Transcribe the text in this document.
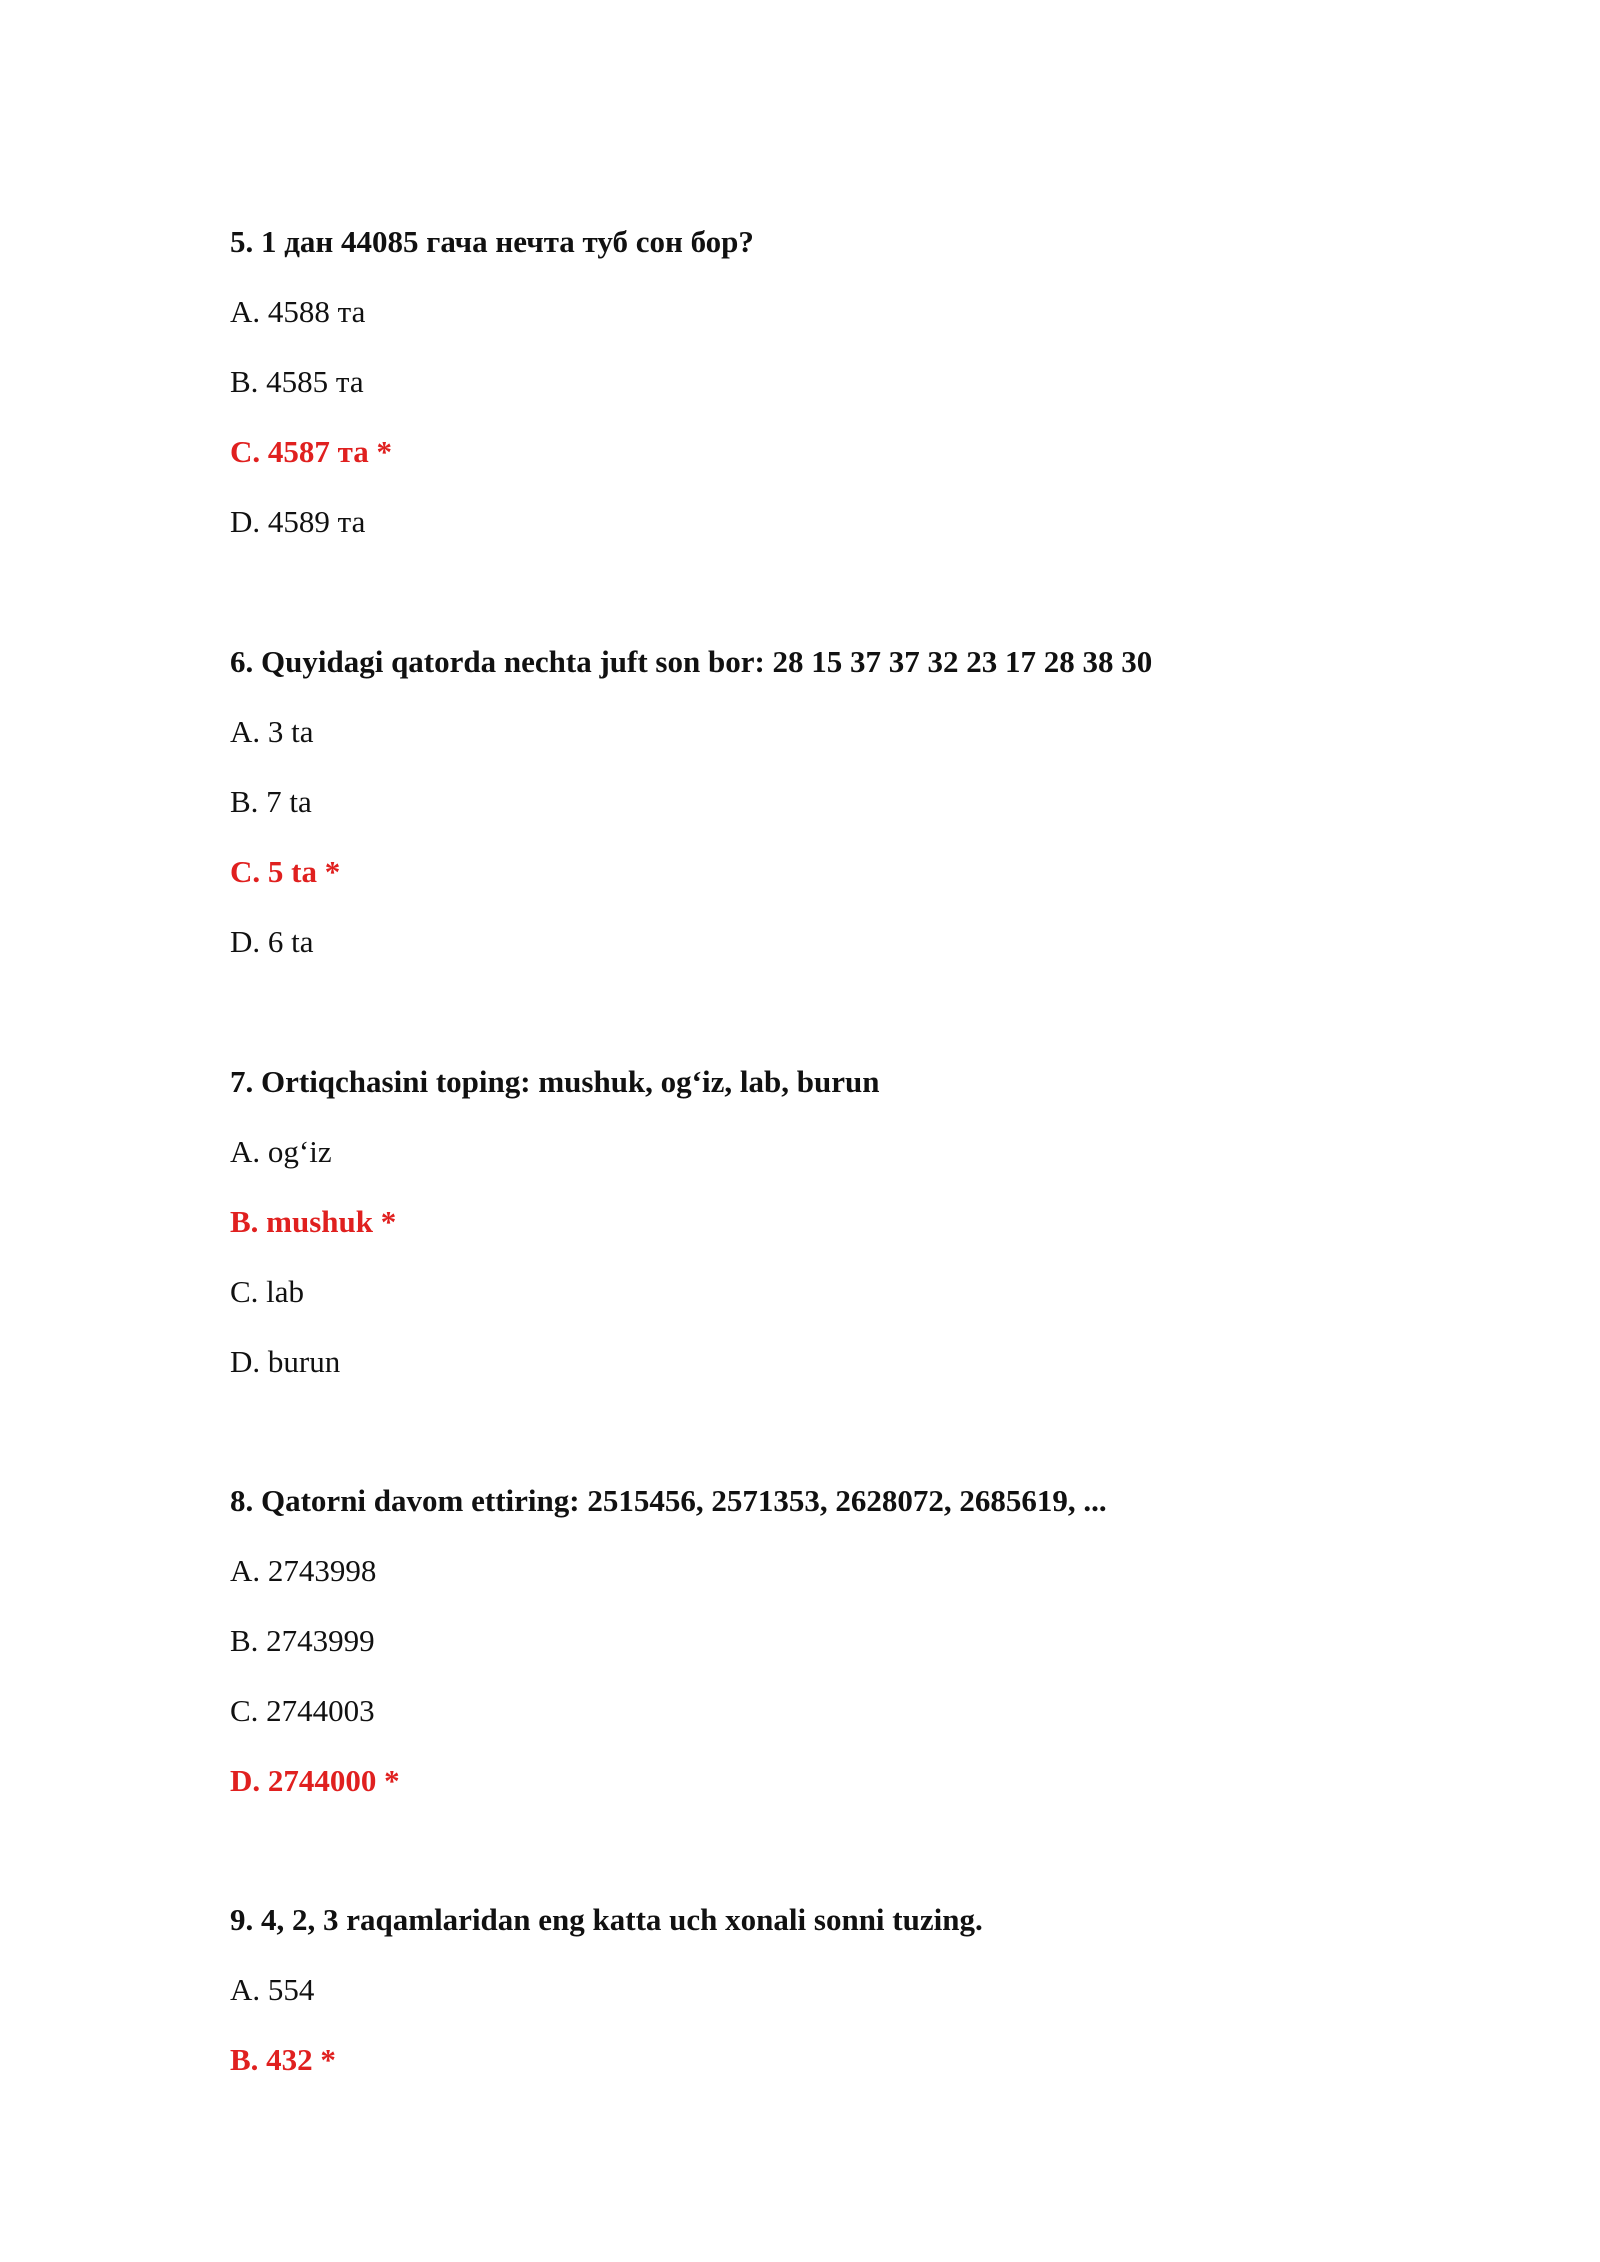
5. 1 дан 44085 гача нечта туб сон бор?
A. 4588 та
B. 4585 та
C. 4587 та *
D. 4589 та
6. Quyidagi qatorda nechta juft son bor: 28 15 37 37 32 23 17 28 38 30
A. 3 ta
B. 7 ta
C. 5 ta *
D. 6 ta
7. Ortiqchasini toping: mushuk, og‘iz, lab, burun
A. og‘iz
B. mushuk *
C. lab
D. burun
8. Qatorni davom ettiring: 2515456, 2571353, 2628072, 2685619, ...
A. 2743998
B. 2743999
C. 2744003
D. 2744000 *
9. 4, 2, 3 raqamlaridan eng katta uch xonali sonni tuzing.
A. 554
B. 432 *
